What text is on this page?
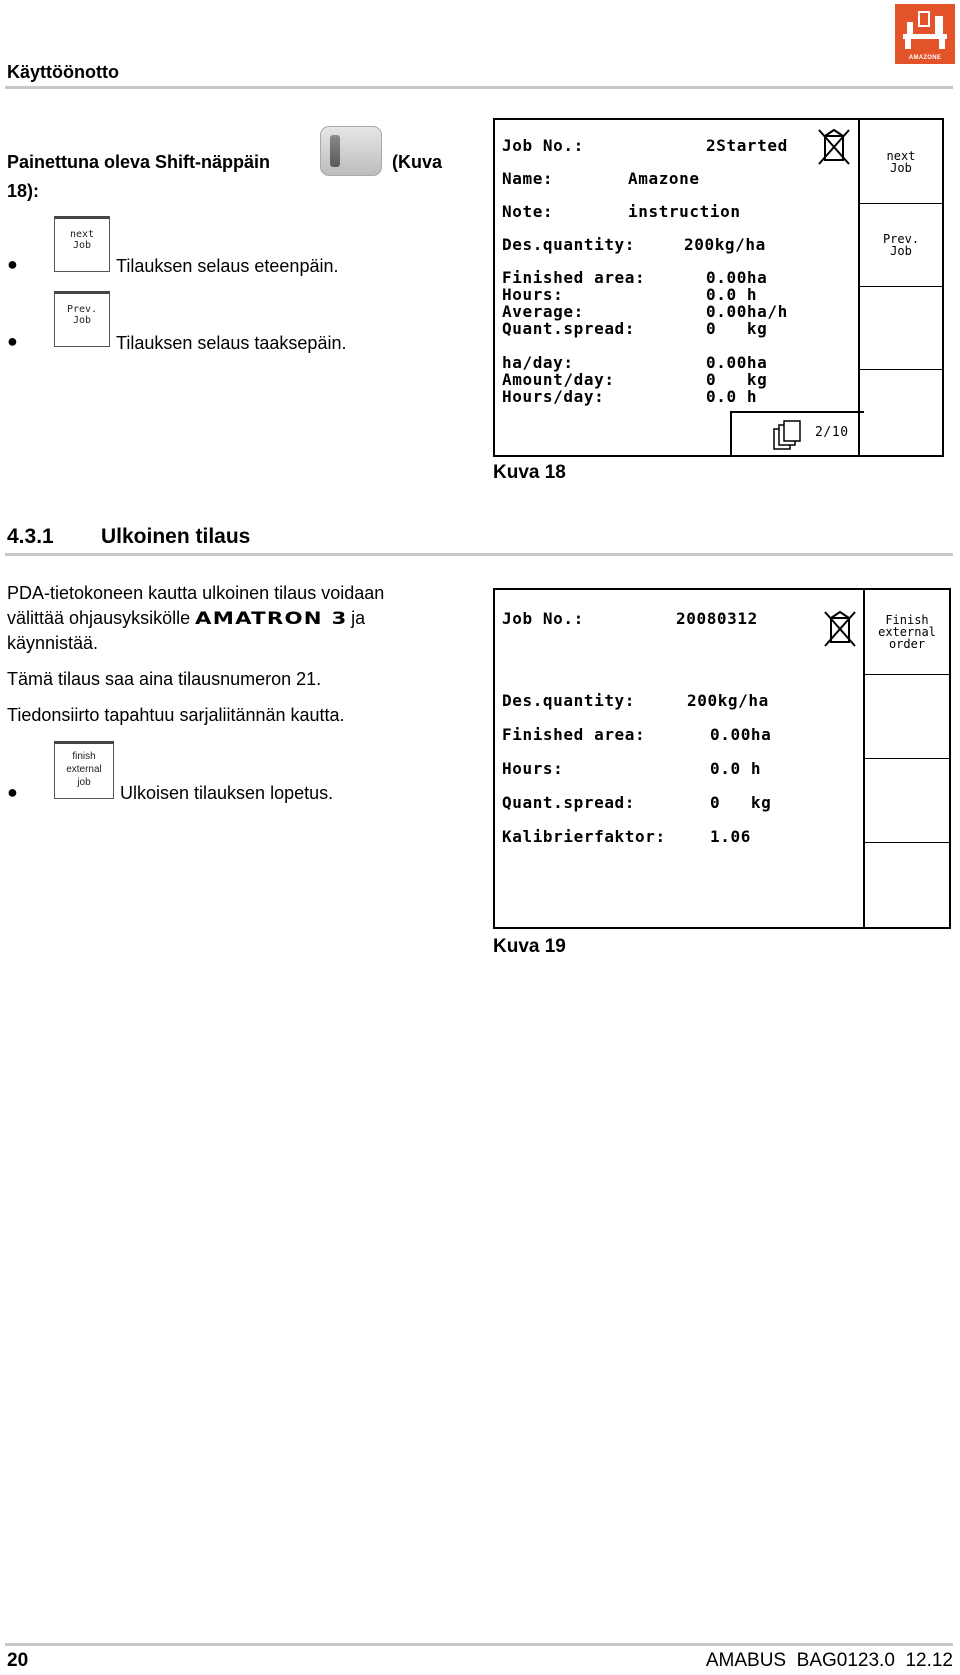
Käyttöönotto
AMAZONE
Painettuna oleva Shift-näppäin	(Kuva
18):
●
next
Job
Tilauksen selaus eteenpäin.
●
Prev.
Job
Tilauksen selaus taaksepäin.
Job No.:	2Started
Name:	Amazone
Note:	instruction
Des.quantity:	200kg/ha
Finished area:	0.00ha
Hours:	0.0 h
Average:	0.00ha/h
Quant.spread:	0   kg
ha/day:	0.00ha
Amount/day:	0   kg
Hours/day:	0.0 h
next
Job
Prev.
Job
2/10
Kuva 18
4.3.1 Ulkoinen tilaus
PDA-tietokoneen kautta ulkoinen tilaus voidaan
välittää ohjausyksikölle AMATRON 3 ja
käynnistää.
Tämä tilaus saa aina tilausnumeron 21.
Tiedonsiirto tapahtuu sarjaliitännän kautta.
●
finish
external
job
Ulkoisen tilauksen lopetus.
Job No.:	20080312
Des.quantity:	200kg/ha
Finished area:	0.00ha
Hours:	0.0 h
Quant.spread:	0   kg
Kalibrierfaktor:	1.06
Finish
external
order
Kuva 19
20	AMABUS  BAG0123.0  12.12
